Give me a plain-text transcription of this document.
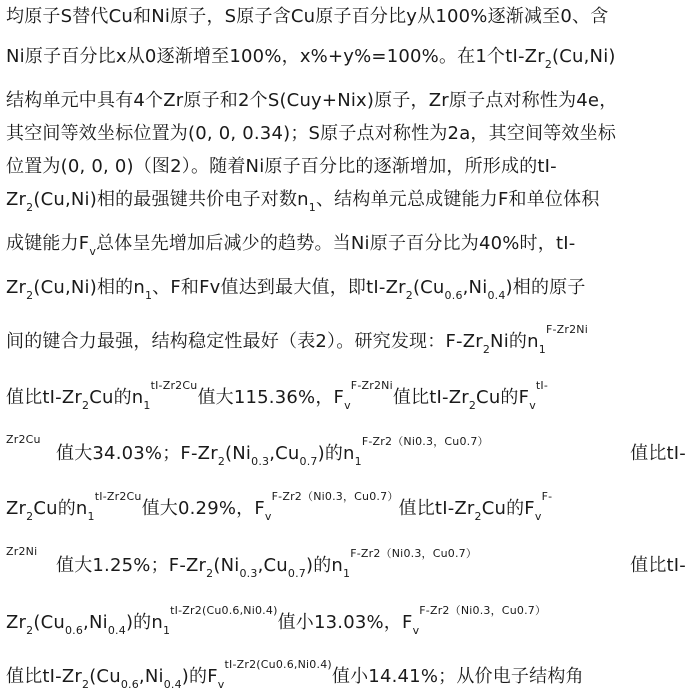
均原子S替代Cu和Ni原子，S原子含Cu原子百分比y从100%逐渐减至0、含
Ni原子百分比x从0逐渐增至100%，x%+y%=100%。在1个$tI-Zr_2(Cu,Ni)$
结构单元中具有4个Zr原子和2个S(Cuy+Nix)原子，Zr原子点对称性为4e，
其空间等效坐标位置为(0, 0, 0.34)；S原子点对称性为2a，其空间等效坐标
位置为(0, 0, 0)（图2）。随着Ni原子百分比的逐渐增加，所形成的tI-
$Zr_2(Cu,Ni)$相的最强键共价电子对数$n_1$、结构单元总成键能力F和单位体积
成键能力$F_v$总体呈先增加后减少的趋势。当Ni原子百分比为40%时，tI-
$Zr_2(Cu,Ni)$相的$n_1$、F和Fv值达到最大值，即$tI-Zr_2(Cu_{0.6},Ni_{0.4})$相的原子
间的键合力最强，结构稳定性最好（表2）。研究发现：$F-Zr_2Ni$的$n_1^{F-Zr2Ni}$
值比$tI-Zr_2Cu$的$n_1^{tI-Zr2Cu}$值大115.36%，$F_v^{F-Zr2Ni}$值比$tI-Zr_2Cu$的$F_v^{tI-}$
Zr2Cu
值大34.03%；$F-Zr_2(Ni_{0.3},Cu_{0.7})$的$n_1^{F-Zr2(Ni0.3,Cu0.7)}$
值比tI-
$Zr_2Cu$的$n_1^{tI-Zr2Cu}$值大0.29%，$F_v^{F-Zr2(Ni0.3,Cu0.7)}$值比$tI-Zr_2Cu$的$F_v^{F-}$
Zr2Ni
值大1.25%；$F-Zr_2(Ni_{0.3},Cu_{0.7})$的$n_1^{F-Zr2(Ni0.3,Cu0.7)}$
值比tI-
$Zr_2(Cu_{0.6},Ni_{0.4})$的$n_1^{tI-Zr2(Cu0.6,Ni0.4)}$值小13.03%，$F_v^{F-Zr2(Ni0.3,Cu0.7)}$
值比$tI-Zr_2(Cu_{0.6},Ni_{0.4})$的$F_v^{tI-Zr2(Cu0.6,Ni0.4)}$值小14.41%；从价电子结构角
